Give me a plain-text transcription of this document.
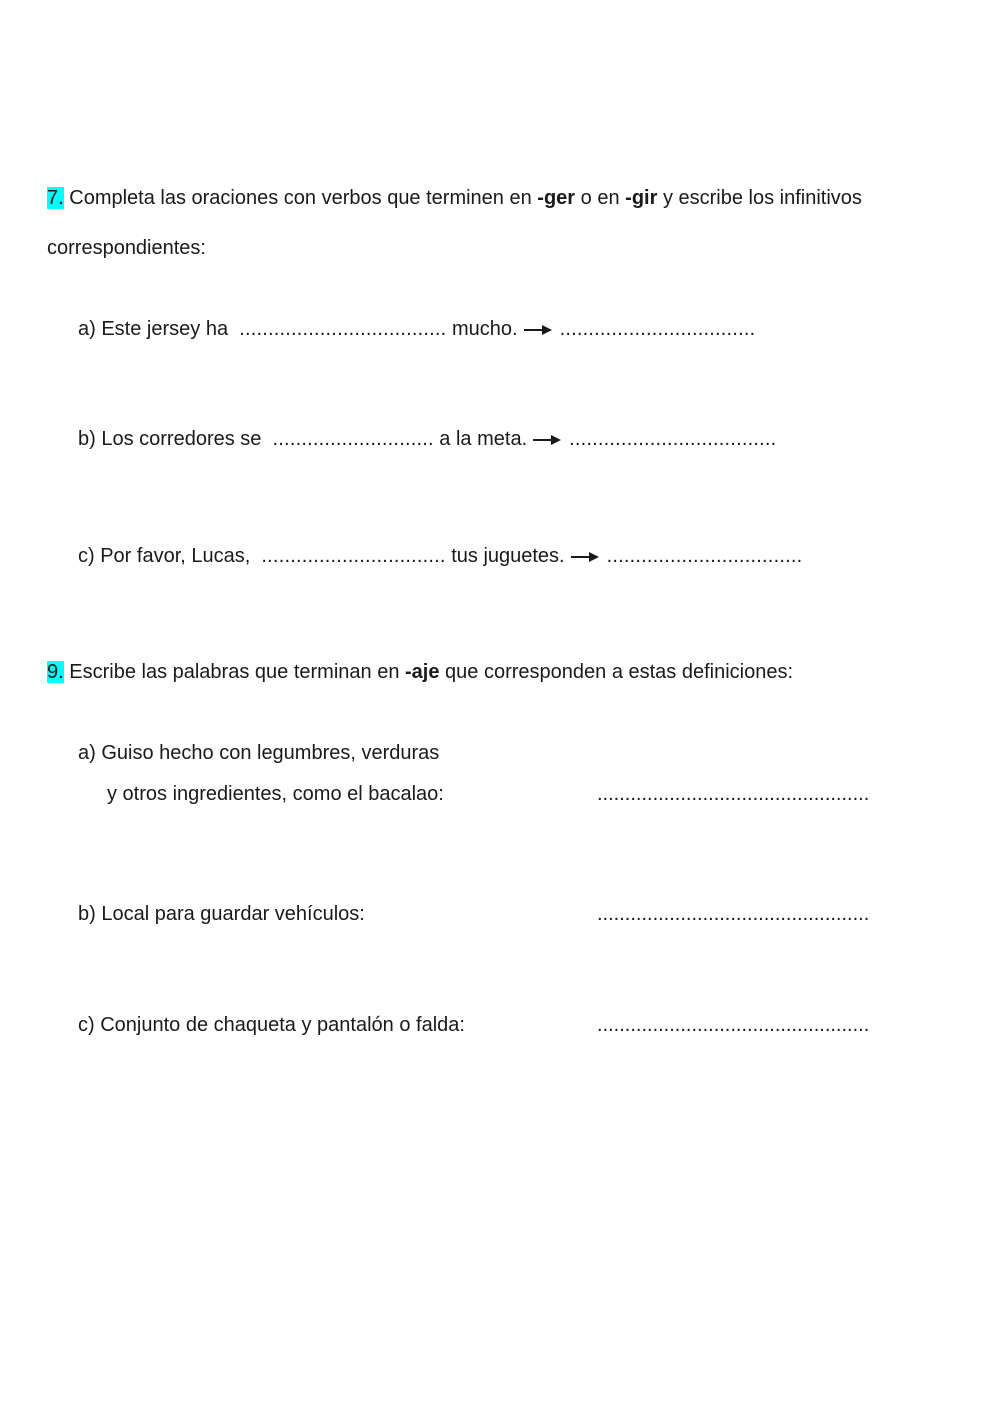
7. Completa las oraciones con verbos que terminen en -ger o en -gir y escribe los infinitivos
correspondientes:
a) Este jersey ha .................................... mucho. ..................................
b) Los corredores se ............................ a la meta. ....................................
c) Por favor, Lucas, ................................ tus juguetes. ..................................
9. Escribe las palabras que terminan en -aje que corresponden a estas definiciones:
a) Guiso hecho con legumbres, verduras
y otros ingredientes, como el bacalao:	.................................................
b) Local para guardar vehículos:	.................................................
c) Conjunto de chaqueta y pantalón o falda:	.................................................
